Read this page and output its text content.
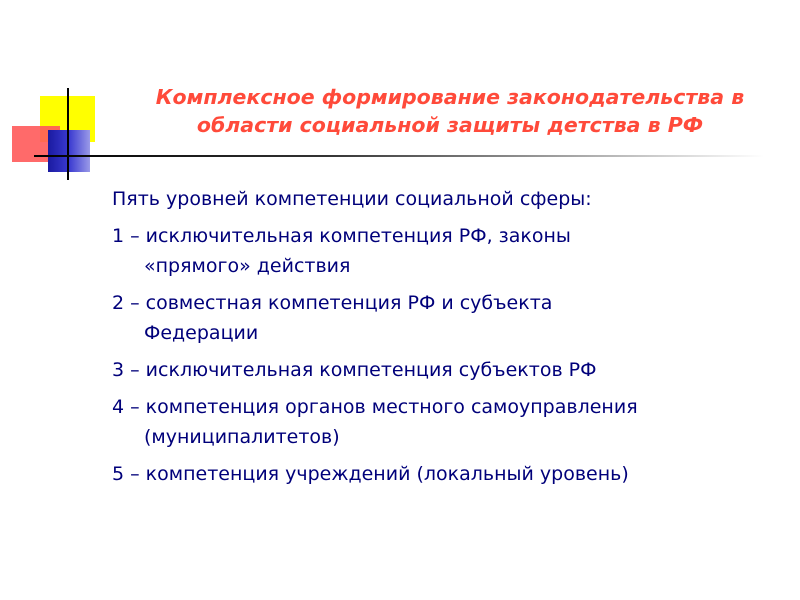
Комплексное формирование законодательства в
области социальной защиты детства в РФ

Пять уровней компетенции социальной сферы:

1 – исключительная компетенция РФ, законы
«прямого» действия

2 – совместная компетенция РФ и субъекта
Федерации

3 – исключительная компетенция субъектов РФ

4 – компетенция органов местного самоуправления
(муниципалитетов)

5 – компетенция учреждений (локальный уровень)
